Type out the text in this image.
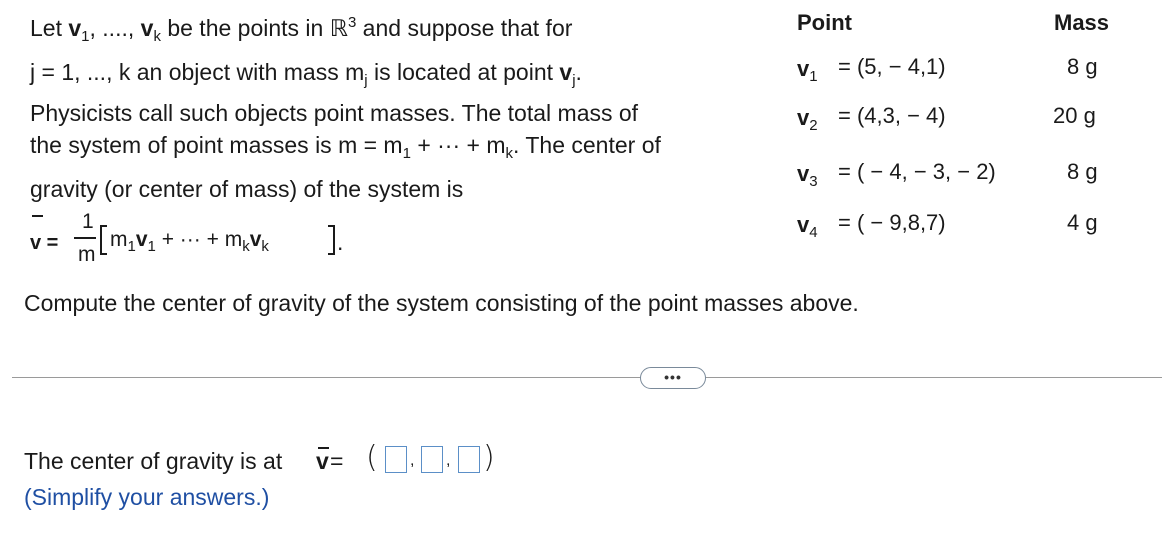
Let $v_1$, ...., $v_k$ be the points in ℝ$^3$ and suppose that for
j = 1, ..., k an object with mass $m_j$ is located at point $v_j$.
Physicists call such objects point masses. The total mass of
the system of point masses is $m = m_1$ + ··· + $m_k$. The center of
gravity (or center of mass) of the system is
v =
1
m
$m_1v_1$ + ··· + $m_kv_k$	.
Compute the center of gravity of the system consisting of the point masses above.
Point	Mass
$v_1 = (5$, − 4,1)	8 g
$v_2 = (4,3$, − 4)	20 g
$v_3$ = ( − 4, − 3, − 2)	8 g
$v_4$ = ( − 9,8,7)	4 g
•••
The center of gravity is at v = ( , , )
(Simplify your answers.)
